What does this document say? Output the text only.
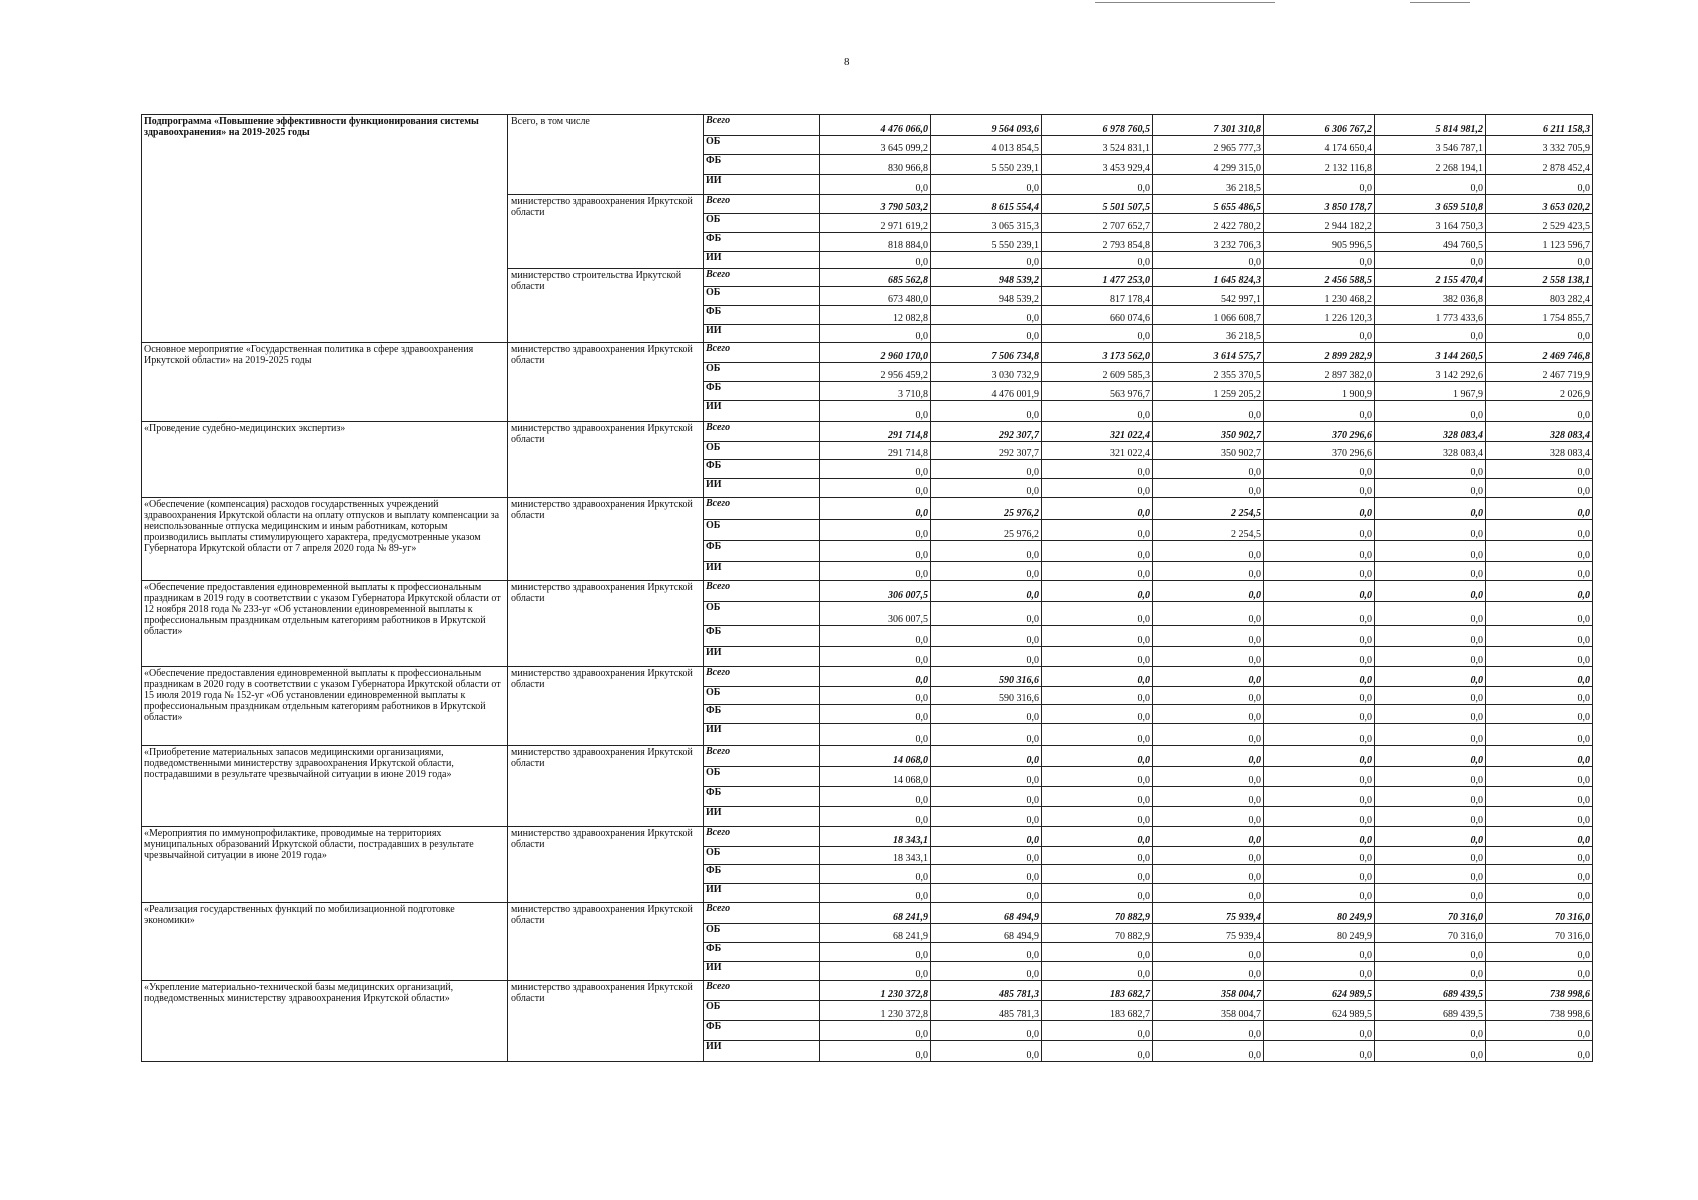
8
Подпрограмма «Повышение эффективности функционирования системы здравоохранения» на 2019-2025 годы	Всего, в том числе	Всего	4 476 066,0	9 564 093,6	6 978 760,5	7 301 310,8	6 306 767,2	5 814 981,2	6 211 158,3
		ОБ	3 645 099,2	4 013 854,5	3 524 831,1	2 965 777,3	4 174 650,4	3 546 787,1	3 332 705,9
		ФБ	830 966,8	5 550 239,1	3 453 929,4	4 299 315,0	2 132 116,8	2 268 194,1	2 878 452,4
		ИИ	0,0	0,0	0,0	36 218,5	0,0	0,0	0,0
	министерство здравоохранения Иркутской области	Всего	3 790 503,2	8 615 554,4	5 501 507,5	5 655 486,5	3 850 178,7	3 659 510,8	3 653 020,2
		ОБ	2 971 619,2	3 065 315,3	2 707 652,7	2 422 780,2	2 944 182,2	3 164 750,3	2 529 423,5
		ФБ	818 884,0	5 550 239,1	2 793 854,8	3 232 706,3	905 996,5	494 760,5	1 123 596,7
		ИИ	0,0	0,0	0,0	0,0	0,0	0,0	0,0
	министерство строительства Иркутской области	Всего	685 562,8	948 539,2	1 477 253,0	1 645 824,3	2 456 588,5	2 155 470,4	2 558 138,1
		ОБ	673 480,0	948 539,2	817 178,4	542 997,1	1 230 468,2	382 036,8	803 282,4
		ФБ	12 082,8	0,0	660 074,6	1 066 608,7	1 226 120,3	1 773 433,6	1 754 855,7
		ИИ	0,0	0,0	0,0	36 218,5	0,0	0,0	0,0
Основное мероприятие «Государственная политика в сфере здравоохранения Иркутской области» на 2019-2025 годы	министерство здравоохранения Иркутской области	Всего	2 960 170,0	7 506 734,8	3 173 562,0	3 614 575,7	2 899 282,9	3 144 260,5	2 469 746,8
		ОБ	2 956 459,2	3 030 732,9	2 609 585,3	2 355 370,5	2 897 382,0	3 142 292,6	2 467 719,9
		ФБ	3 710,8	4 476 001,9	563 976,7	1 259 205,2	1 900,9	1 967,9	2 026,9
		ИИ	0,0	0,0	0,0	0,0	0,0	0,0	0,0
«Проведение судебно-медицинских экспертиз»	министерство здравоохранения Иркутской области	Всего	291 714,8	292 307,7	321 022,4	350 902,7	370 296,6	328 083,4	328 083,4
		ОБ	291 714,8	292 307,7	321 022,4	350 902,7	370 296,6	328 083,4	328 083,4
		ФБ	0,0	0,0	0,0	0,0	0,0	0,0	0,0
		ИИ	0,0	0,0	0,0	0,0	0,0	0,0	0,0
«Обеспечение (компенсация) расходов государственных учреждений здравоохранения Иркутской области на оплату отпусков и выплату компенсации за неиспользованные отпуска медицинским и иным работникам, которым производились выплаты стимулирующего характера, предусмотренные указом Губернатора Иркутской области от 7 апреля 2020 года № 89-уг»	министерство здравоохранения Иркутской области	Всего	0,0	25 976,2	0,0	2 254,5	0,0	0,0	0,0
		ОБ	0,0	25 976,2	0,0	2 254,5	0,0	0,0	0,0
		ФБ	0,0	0,0	0,0	0,0	0,0	0,0	0,0
		ИИ	0,0	0,0	0,0	0,0	0,0	0,0	0,0
«Обеспечение предоставления единовременной выплаты к профессиональным праздникам в 2019 году в соответствии с указом Губернатора Иркутской области от 12 ноября 2018 года № 233-уг «Об установлении единовременной выплаты к профессиональным праздникам отдельным категориям работников в Иркутской области»	министерство здравоохранения Иркутской области	Всего	306 007,5	0,0	0,0	0,0	0,0	0,0	0,0
		ОБ	306 007,5	0,0	0,0	0,0	0,0	0,0	0,0
		ФБ	0,0	0,0	0,0	0,0	0,0	0,0	0,0
		ИИ	0,0	0,0	0,0	0,0	0,0	0,0	0,0
«Обеспечение предоставления единовременной выплаты к профессиональным праздникам в 2020 году в соответствии с указом Губернатора Иркутской области от 15 июля 2019 года № 152-уг «Об установлении единовременной выплаты к профессиональным праздникам отдельным категориям работников в Иркутской области»	министерство здравоохранения Иркутской области	Всего	0,0	590 316,6	0,0	0,0	0,0	0,0	0,0
		ОБ	0,0	590 316,6	0,0	0,0	0,0	0,0	0,0
		ФБ	0,0	0,0	0,0	0,0	0,0	0,0	0,0
		ИИ	0,0	0,0	0,0	0,0	0,0	0,0	0,0
«Приобретение материальных запасов медицинскими организациями, подведомственными министерству здравоохранения Иркутской области, пострадавшими в результате чрезвычайной ситуации в июне 2019 года»	министерство здравоохранения Иркутской области	Всего	14 068,0	0,0	0,0	0,0	0,0	0,0	0,0
		ОБ	14 068,0	0,0	0,0	0,0	0,0	0,0	0,0
		ФБ	0,0	0,0	0,0	0,0	0,0	0,0	0,0
		ИИ	0,0	0,0	0,0	0,0	0,0	0,0	0,0
«Мероприятия по иммунопрофилактике, проводимые на территориях муниципальных образований Иркутской области, пострадавших в результате чрезвычайной ситуации в июне 2019 года»	министерство здравоохранения Иркутской области	Всего	18 343,1	0,0	0,0	0,0	0,0	0,0	0,0
		ОБ	18 343,1	0,0	0,0	0,0	0,0	0,0	0,0
		ФБ	0,0	0,0	0,0	0,0	0,0	0,0	0,0
		ИИ	0,0	0,0	0,0	0,0	0,0	0,0	0,0
«Реализация государственных функций по мобилизационной подготовке экономики»	министерство здравоохранения Иркутской области	Всего	68 241,9	68 494,9	70 882,9	75 939,4	80 249,9	70 316,0	70 316,0
		ОБ	68 241,9	68 494,9	70 882,9	75 939,4	80 249,9	70 316,0	70 316,0
		ФБ	0,0	0,0	0,0	0,0	0,0	0,0	0,0
		ИИ	0,0	0,0	0,0	0,0	0,0	0,0	0,0
«Укрепление материально-технической базы медицинских организаций, подведомственных министерству здравоохранения Иркутской области»	министерство здравоохранения Иркутской области	Всего	1 230 372,8	485 781,3	183 682,7	358 004,7	624 989,5	689 439,5	738 998,6
		ОБ	1 230 372,8	485 781,3	183 682,7	358 004,7	624 989,5	689 439,5	738 998,6
		ФБ	0,0	0,0	0,0	0,0	0,0	0,0	0,0
		ИИ	0,0	0,0	0,0	0,0	0,0	0,0	0,0
